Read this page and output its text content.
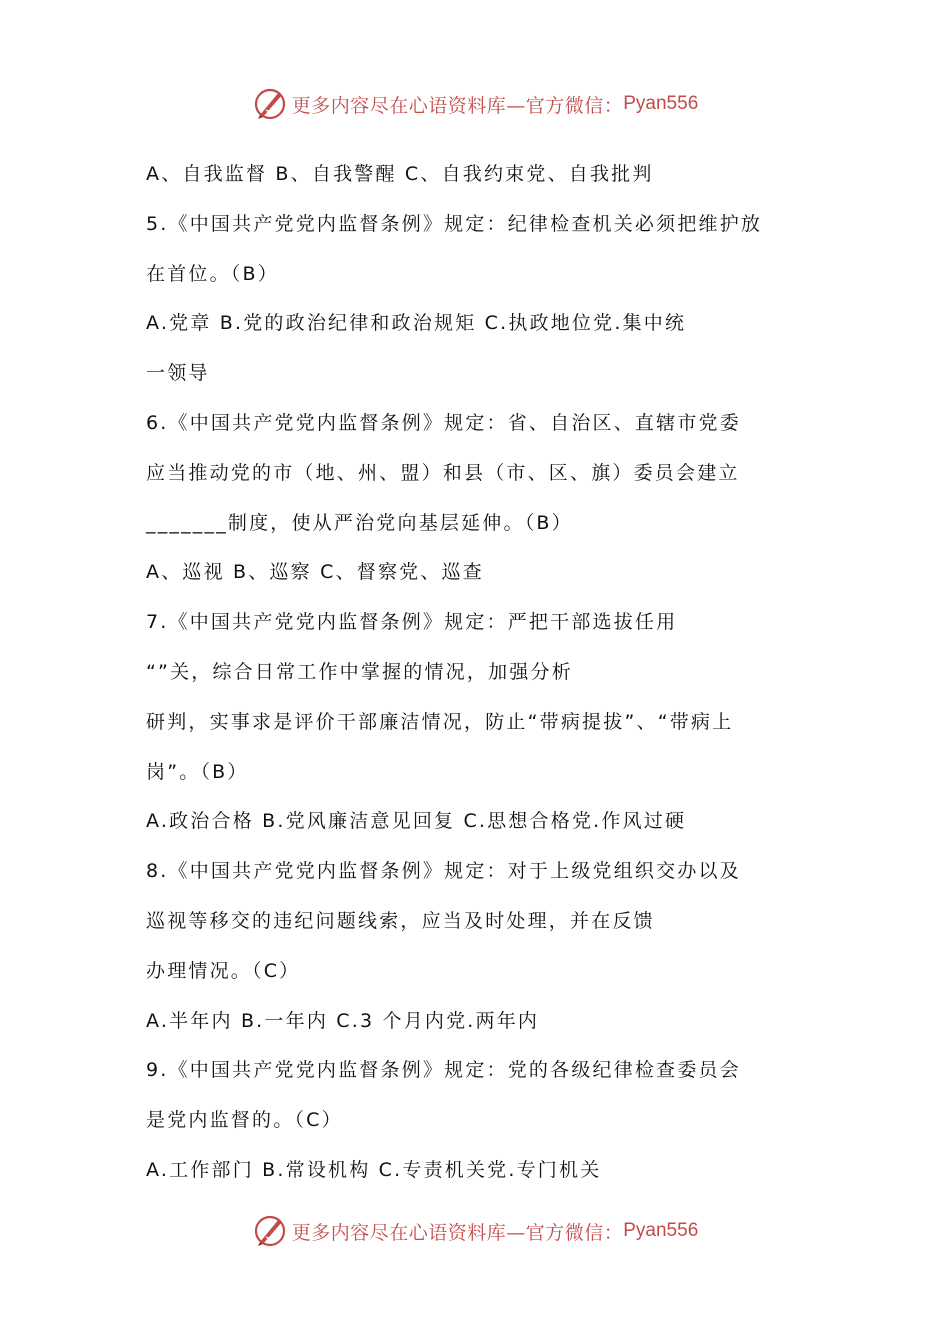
更多内容尽在心语资料库—官方微信： Pyan556
A、自我监督 B、自我警醒 C、自我约束党、自我批判
5.《中国共产党党内监督条例》规定：纪律检查机关必须把维护放
在首位。（B）
A.党章 B.党的政治纪律和政治规矩 C.执政地位党.集中统
一领导
6.《中国共产党党内监督条例》规定：省、自治区、直辖市党委
应当推动党的市（地、州、盟）和县（市、区、旗）委员会建立
_______制度，使从严治党向基层延伸。（B）
A、巡视 B、巡察 C、督察党、巡查
7.《中国共产党党内监督条例》规定：严把干部选拔任用
“”关，综合日常工作中掌握的情况，加强分析
研判，实事求是评价干部廉洁情况，防止“带病提拔”、“带病上
岗”。（B）
A.政治合格 B.党风廉洁意见回复 C.思想合格党.作风过硬
8.《中国共产党党内监督条例》规定：对于上级党组织交办以及
巡视等移交的违纪问题线索，应当及时处理，并在反馈
办理情况。（C）
A.半年内 B.一年内 C.3 个月内党.两年内
9.《中国共产党党内监督条例》规定：党的各级纪律检查委员会
是党内监督的。（C）
A.工作部门 B.常设机构 C.专责机关党.专门机关
更多内容尽在心语资料库—官方微信： Pyan556
